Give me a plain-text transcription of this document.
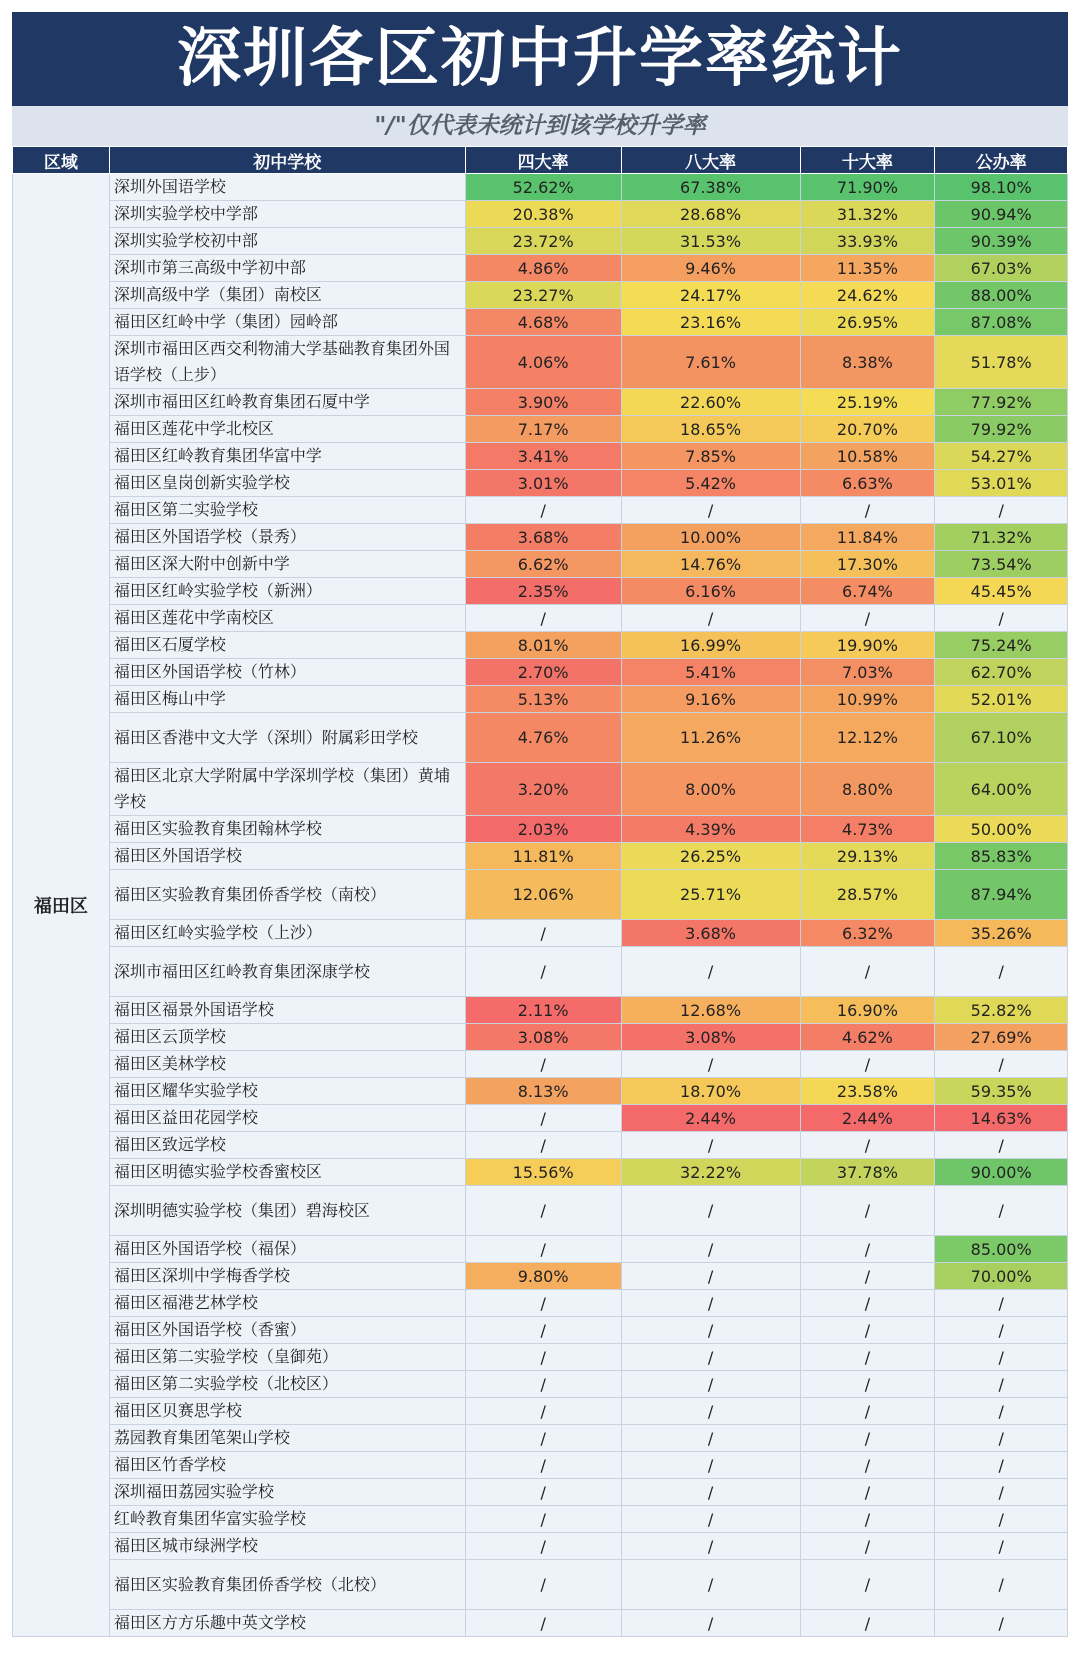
深圳各区初中升学率统计
"/"仅代表未统计到该学校升学率
区域	初中学校	四大率	八大率	十大率	公办率
福田区	深圳外国语学校	52.62%	67.38%	71.90%	98.10%
	深圳实验学校中学部	20.38%	28.68%	31.32%	90.94%
	深圳实验学校初中部	23.72%	31.53%	33.93%	90.39%
	深圳市第三高级中学初中部	4.86%	9.46%	11.35%	67.03%
	深圳高级中学（集团）南校区	23.27%	24.17%	24.62%	88.00%
	福田区红岭中学（集团）园岭部	4.68%	23.16%	26.95%	87.08%
	深圳市福田区西交利物浦大学基础教育集团外国语学校（上步）	4.06%	7.61%	8.38%	51.78%
	深圳市福田区红岭教育集团石厦中学	3.90%	22.60%	25.19%	77.92%
	福田区莲花中学北校区	7.17%	18.65%	20.70%	79.92%
	福田区红岭教育集团华富中学	3.41%	7.85%	10.58%	54.27%
	福田区皇岗创新实验学校	3.01%	5.42%	6.63%	53.01%
	福田区第二实验学校	/	/	/	/
	福田区外国语学校（景秀）	3.68%	10.00%	11.84%	71.32%
	福田区深大附中创新中学	6.62%	14.76%	17.30%	73.54%
	福田区红岭实验学校（新洲）	2.35%	6.16%	6.74%	45.45%
	福田区莲花中学南校区	/	/	/	/
	福田区石厦学校	8.01%	16.99%	19.90%	75.24%
	福田区外国语学校（竹林）	2.70%	5.41%	7.03%	62.70%
	福田区梅山中学	5.13%	9.16%	10.99%	52.01%
	福田区香港中文大学（深圳）附属彩田学校	4.76%	11.26%	12.12%	67.10%
	福田区北京大学附属中学深圳学校（集团）黄埔学校	3.20%	8.00%	8.80%	64.00%
	福田区实验教育集团翰林学校	2.03%	4.39%	4.73%	50.00%
	福田区外国语学校	11.81%	26.25%	29.13%	85.83%
	福田区实验教育集团侨香学校（南校）	12.06%	25.71%	28.57%	87.94%
	福田区红岭实验学校（上沙）	/	3.68%	6.32%	35.26%
	深圳市福田区红岭教育集团深康学校	/	/	/	/
	福田区福景外国语学校	2.11%	12.68%	16.90%	52.82%
	福田区云顶学校	3.08%	3.08%	4.62%	27.69%
	福田区美林学校	/	/	/	/
	福田区耀华实验学校	8.13%	18.70%	23.58%	59.35%
	福田区益田花园学校	/	2.44%	2.44%	14.63%
	福田区致远学校	/	/	/	/
	福田区明德实验学校香蜜校区	15.56%	32.22%	37.78%	90.00%
	深圳明德实验学校（集团）碧海校区	/	/	/	/
	福田区外国语学校（福保）	/	/	/	85.00%
	福田区深圳中学梅香学校	9.80%	/	/	70.00%
	福田区福港艺林学校	/	/	/	/
	福田区外国语学校（香蜜）	/	/	/	/
	福田区第二实验学校（皇御苑）	/	/	/	/
	福田区第二实验学校（北校区）	/	/	/	/
	福田区贝赛思学校	/	/	/	/
	荔园教育集团笔架山学校	/	/	/	/
	福田区竹香学校	/	/	/	/
	深圳福田荔园实验学校	/	/	/	/
	红岭教育集团华富实验学校	/	/	/	/
	福田区城市绿洲学校	/	/	/	/
	福田区实验教育集团侨香学校（北校）	/	/	/	/
	福田区方方乐趣中英文学校	/	/	/	/
